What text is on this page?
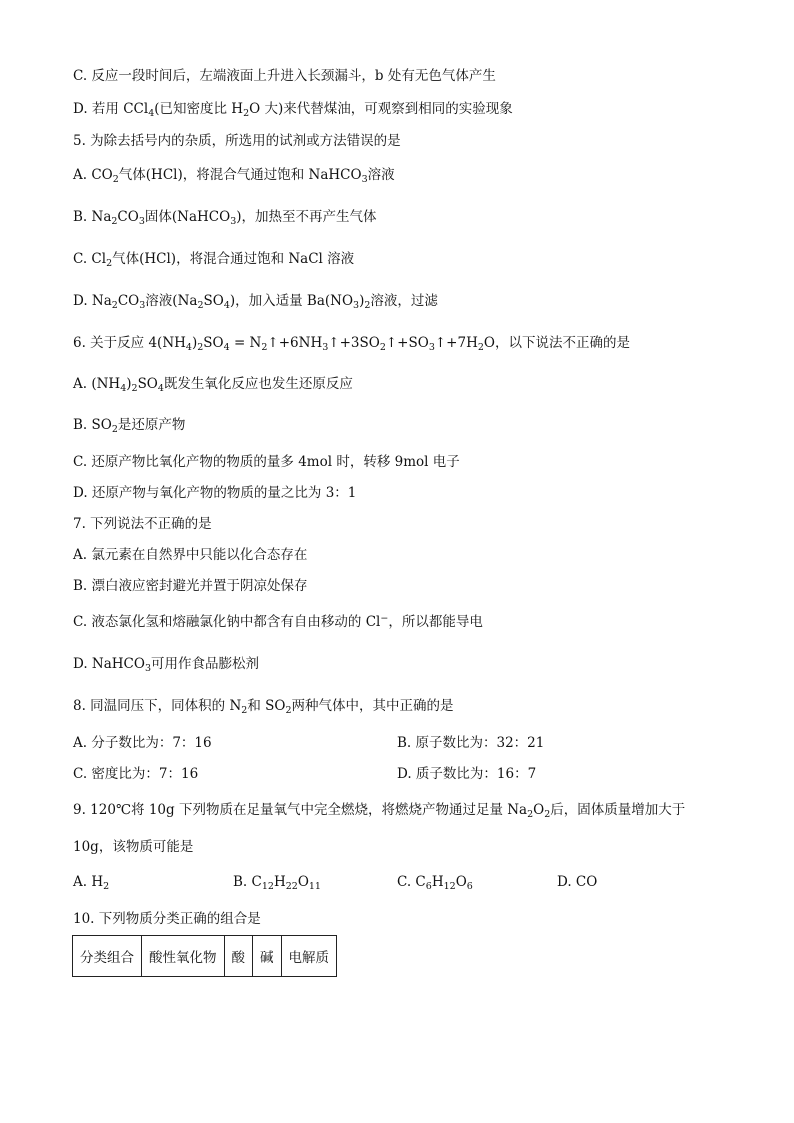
C. 反应一段时间后，左端液面上升进入长颈漏斗，b 处有无色气体产生
D. 若用 CCl$_4$(已知密度比 $H_2O$ 大)来代替煤油，可观察到相同的实验现象
5. 为除去括号内的杂质，所选用的试剂或方法错误的是
A. $CO_2$气体(HCl)，将混合气通过饱和 NaHCO$_3$溶液
B. $Na_2CO_3$固体(NaHCO$_3$)，加热至不再产生气体
C. $Cl_2$气体(HCl)，将混合通过饱和 NaCl 溶液
D. $Na_2CO_3$溶液$(Na_2SO_4)$，加入适量 $Ba(NO_3)_2$溶液，过滤
6. 关于反应 $4(NH_4)_2SO_4$ = $N_2↑+6NH_3↑+3SO_2↑+SO_3↑+7H_2O$，以下说法不正确的是
A. $(NH_4)_2SO_4$既发生氧化反应也发生还原反应
B. $SO_2$是还原产物
C. 还原产物比氧化产物的物质的量多 4mol 时，转移 9mol 电子
D. 还原产物与氧化产物的物质的量之比为 3：1
7. 下列说法不正确的是
A. 氯元素在自然界中只能以化合态存在
B. 漂白液应密封避光并置于阴凉处保存
C. 液态氯化氢和熔融氯化钠中都含有自由移动的 Cl−，所以都能导电
D. NaHCO$_3$可用作食品膨松剂
8. 同温同压下，同体积的 $N_2$和 $SO_2$两种气体中，其中正确的是
A. 分子数比为：7：16	B. 原子数比为：32：21
C. 密度比为：7：16	D. 质子数比为：16：7
9. 120℃将 10g 下列物质在足量氧气中完全燃烧，将燃烧产物通过足量 $Na_2O_2$后，固体质量增加大于
10g，该物质可能是
A. $H_2$	B. $C_{12}H_{22}O_{11}$	C. $C_6H_{12}O_6$	D. CO
10. 下列物质分类正确的组合是
分类组合	酸性氧化物	酸	碱	电解质
